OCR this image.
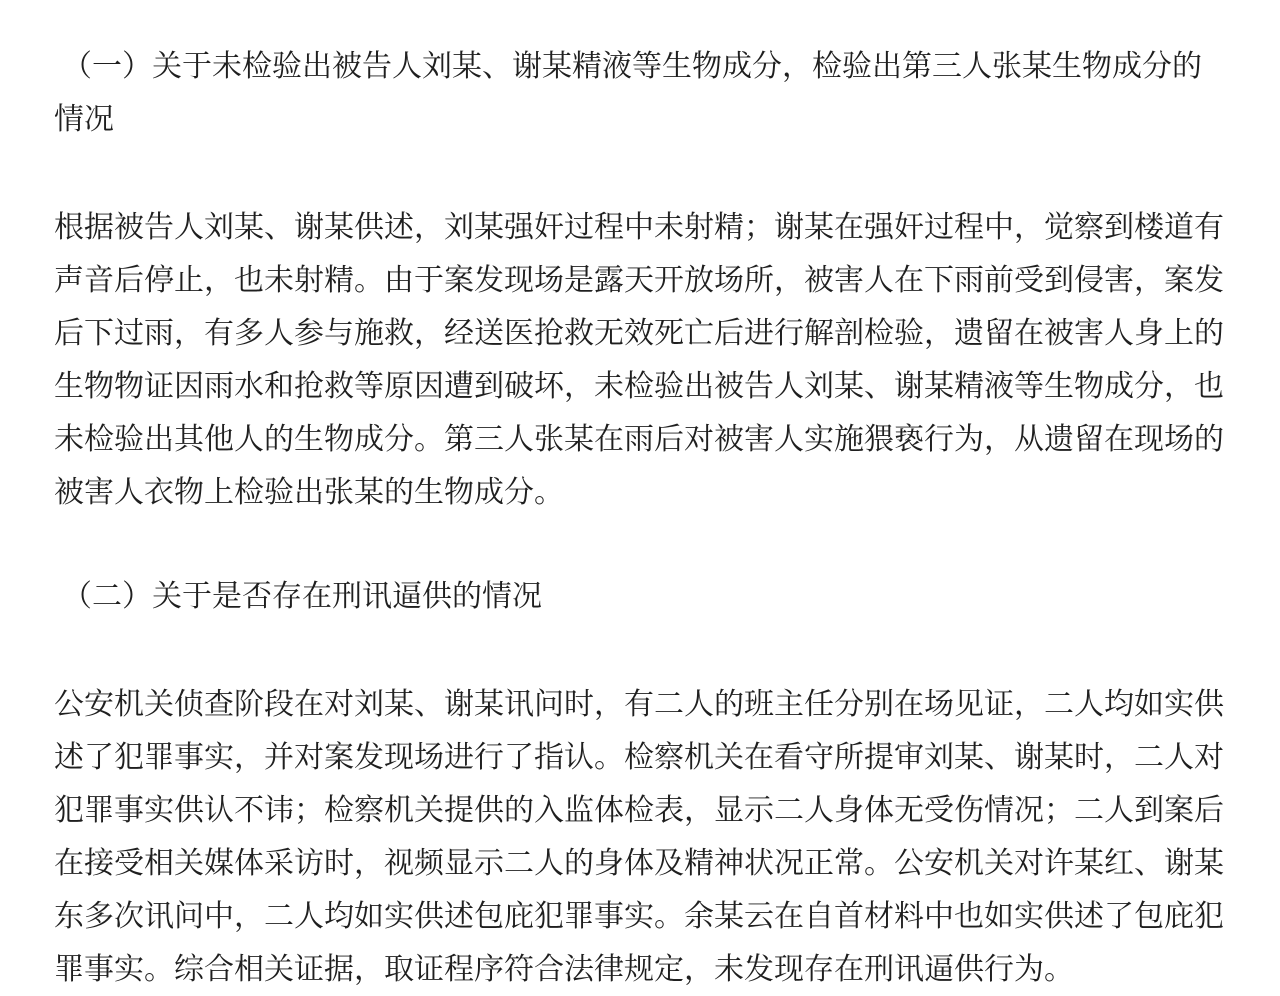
（一）关于未检验出被告人刘某、谢某精液等生物成分，检验出第三人张某生物成分的情况

根据被告人刘某、谢某供述，刘某强奸过程中未射精；谢某在强奸过程中，觉察到楼道有声音后停止，也未射精。由于案发现场是露天开放场所，被害人在下雨前受到侵害，案发后下过雨，有多人参与施救，经送医抢救无效死亡后进行解剖检验，遗留在被害人身上的生物物证因雨水和抢救等原因遭到破坏，未检验出被告人刘某、谢某精液等生物成分，也未检验出其他人的生物成分。第三人张某在雨后对被害人实施猥亵行为，从遗留在现场的被害人衣物上检验出张某的生物成分。

（二）关于是否存在刑讯逼供的情况

公安机关侦查阶段在对刘某、谢某讯问时，有二人的班主任分别在场见证，二人均如实供述了犯罪事实，并对案发现场进行了指认。检察机关在看守所提审刘某、谢某时，二人对犯罪事实供认不讳；检察机关提供的入监体检表，显示二人身体无受伤情况；二人到案后在接受相关媒体采访时，视频显示二人的身体及精神状况正常。公安机关对许某红、谢某东多次讯问中，二人均如实供述包庇犯罪事实。余某云在自首材料中也如实供述了包庇犯罪事实。综合相关证据，取证程序符合法律规定，未发现存在刑讯逼供行为。
